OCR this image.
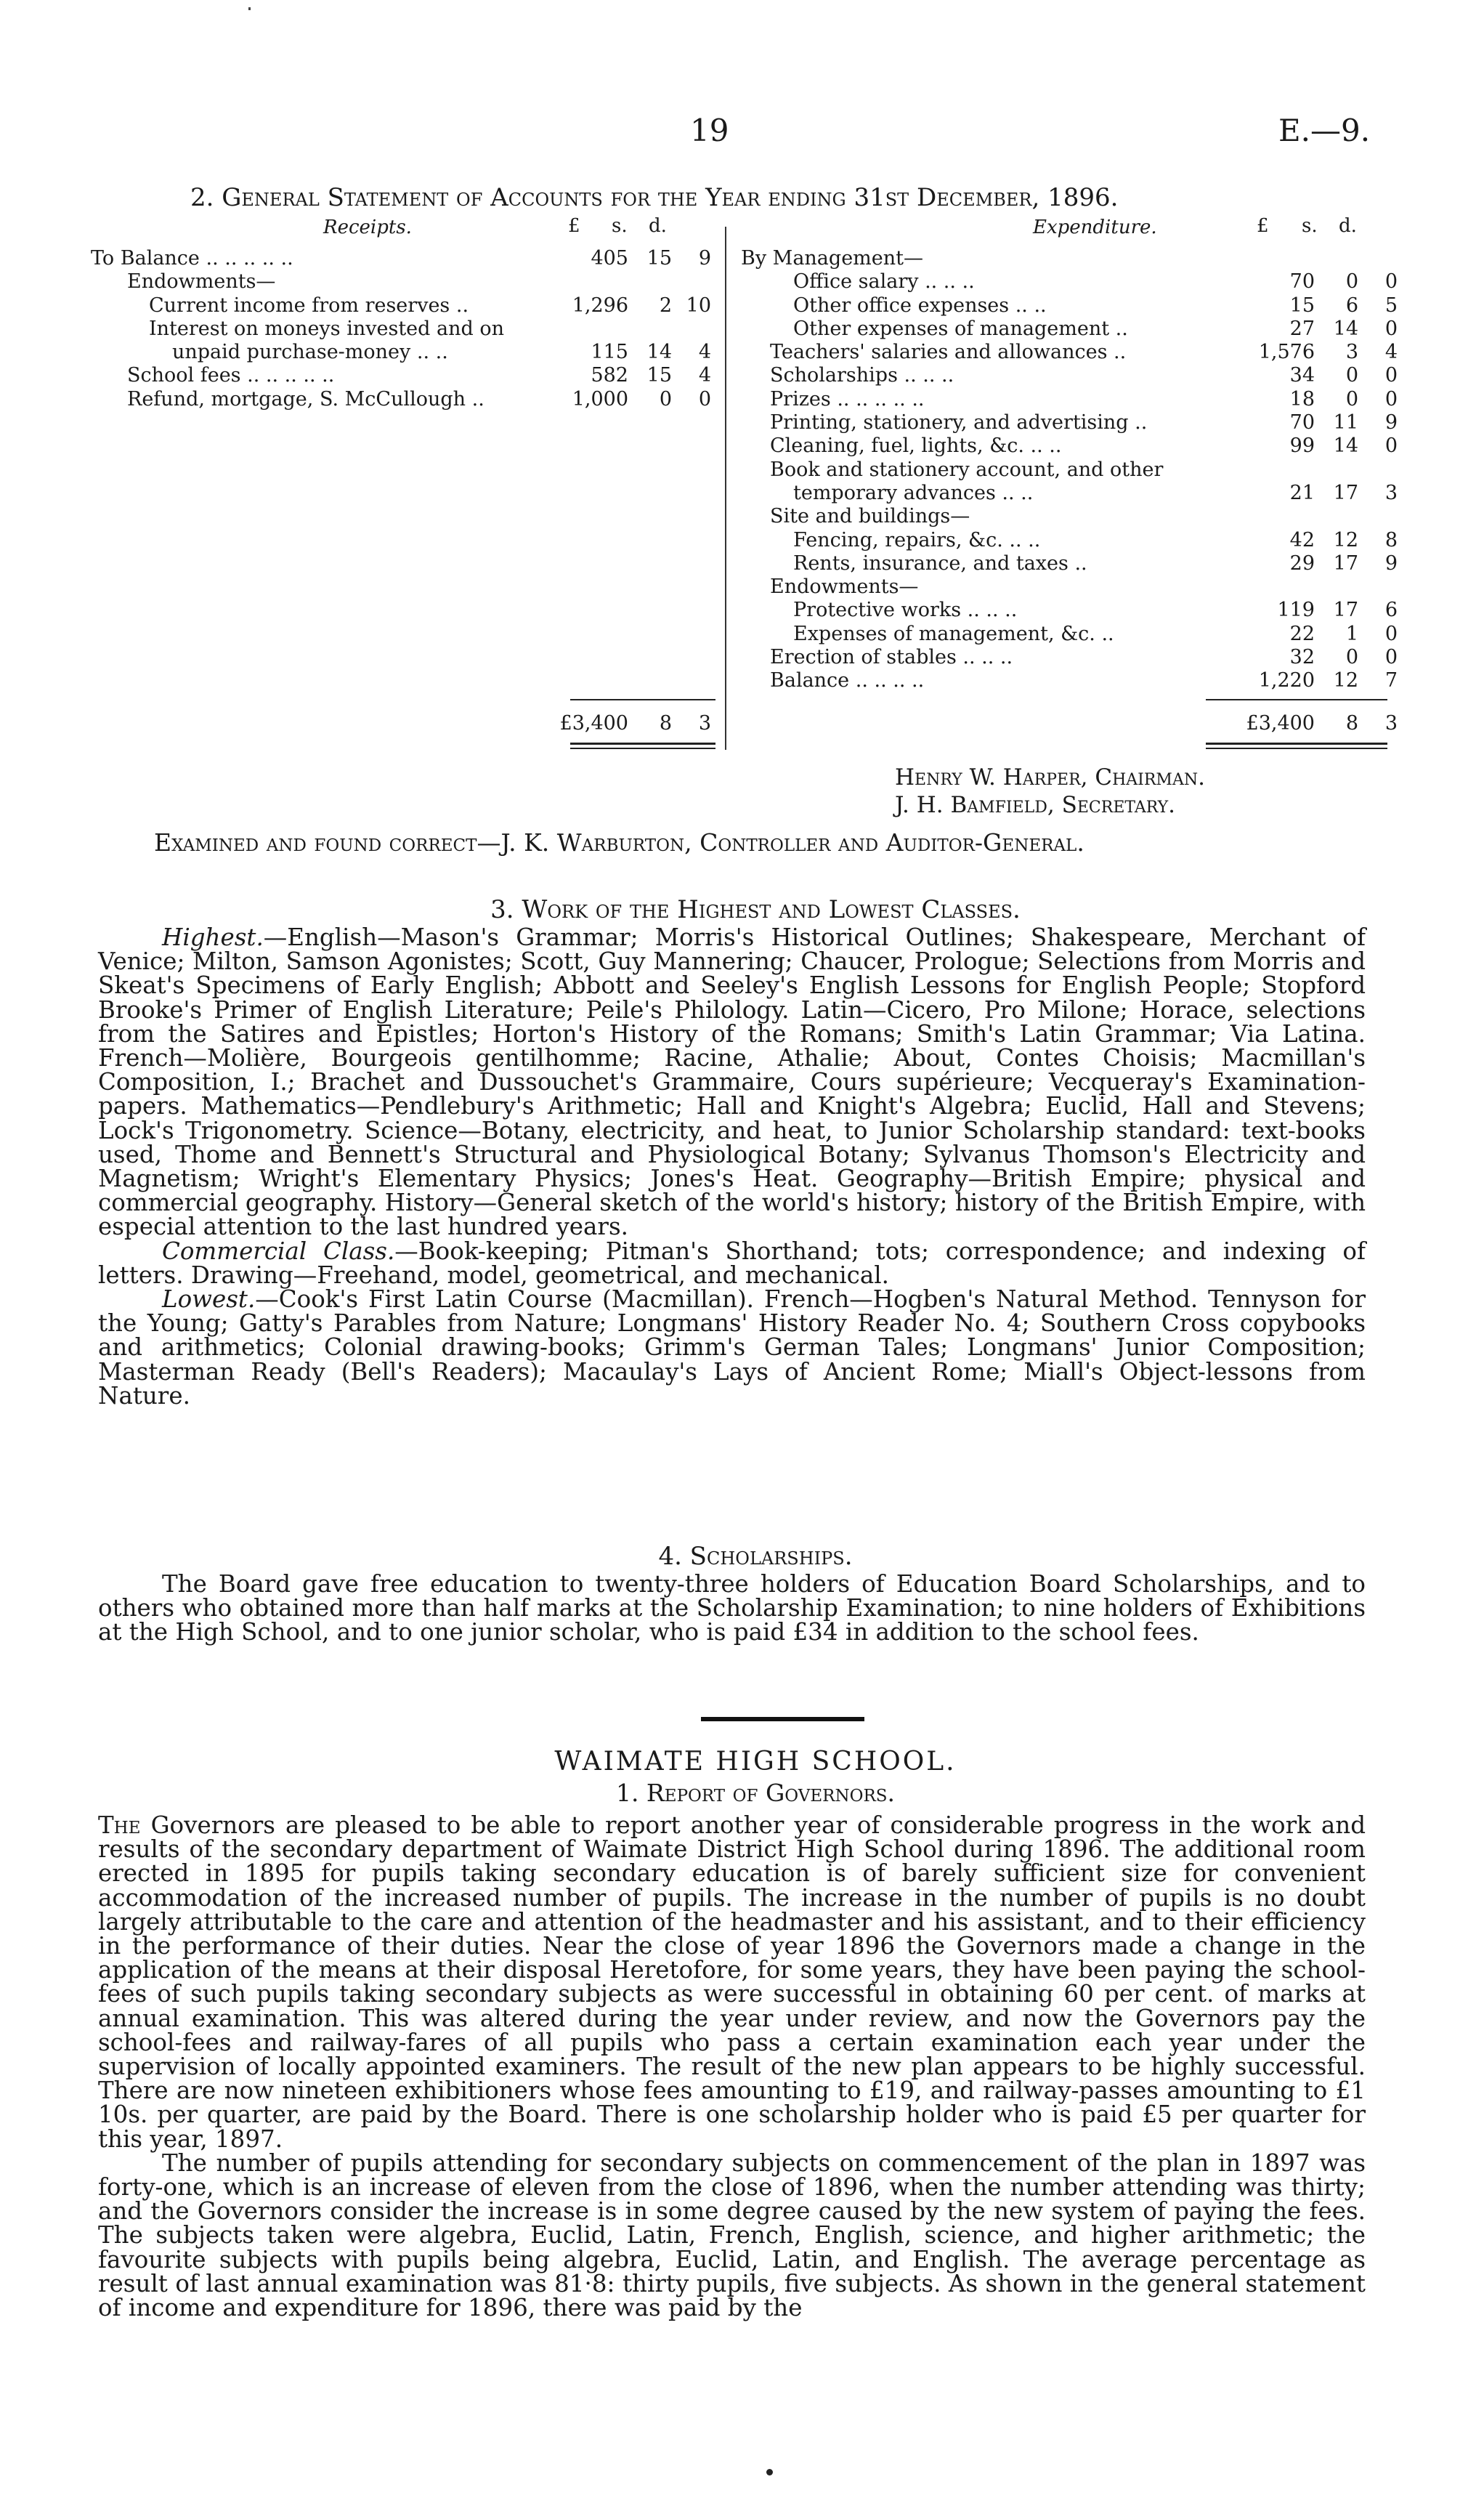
19	E.—9.
2. General Statement of Accounts for the Year ending 31st December, 1896.
Receipts.	£ s. d.	Expenditure.	£ s. d.
To Balance .. .. .. .. ..	405 15 9
Endowments—
Current income from reserves ..	1,296 2 10
Interest on moneys invested and on
unpaid purchase-money .. ..	115 14 4
School fees .. .. .. .. ..	582 15 4
Refund, mortgage, S. McCullough ..	1,000 0 0
By Management—
Office salary .. .. ..	70 0 0
Other office expenses .. ..	15 6 5
Other expenses of management ..	27 14 0
Teachers' salaries and allowances ..	1,576 3 4
Scholarships .. .. ..	34 0 0
Prizes .. .. .. .. ..	18 0 0
Printing, stationery, and advertising ..	70 11 9
Cleaning, fuel, lights, &c. .. ..	99 14 0
Book and stationery account, and other
temporary advances .. ..	21 17 3
Site and buildings—
Fencing, repairs, &c. .. ..	42 12 8
Rents, insurance, and taxes ..	29 17 9
Endowments—
Protective works .. .. ..	119 17 6
Expenses of management, &c. ..	22 1 0
Erection of stables .. .. ..	32 0 0
Balance .. .. .. ..	1,220 12 7
£3,400 8 3	£3,400 8 3
Henry W. Harper, Chairman.
J. H. Bamfield, Secretary.
Examined and found correct—J. K. Warburton, Controller and Auditor-General.
3. Work of the Highest and Lowest Classes.

Highest.—English—Mason's Grammar; Morris's Historical Outlines; Shakespeare, Merchant of Venice; Milton, Samson Agonistes; Scott, Guy Mannering; Chaucer, Prologue; Selections from Morris and Skeat's Specimens of Early English; Abbott and Seeley's English Lessons for English People; Stopford Brooke's Primer of English Literature; Peile's Philology. Latin—Cicero, Pro Milone; Horace, selections from the Satires and Epistles; Horton's History of the Romans; Smith's Latin Grammar; Via Latina. French—Molière, Bourgeois gentilhomme; Racine, Athalie; About, Contes Choisis; Macmillan's Composition, I.; Brachet and Dussouchet's Grammaire, Cours supérieure; Vecqueray's Examination-papers. Mathematics—Pendlebury's Arithmetic; Hall and Knight's Algebra; Euclid, Hall and Stevens; Lock's Trigonometry. Science—Botany, electricity, and heat, to Junior Scholarship standard: text-books used, Thome and Bennett's Structural and Physiological Botany; Sylvanus Thomson's Electricity and Magnetism; Wright's Elementary Physics; Jones's Heat. Geography—British Empire; physical and commercial geography. History—General sketch of the world's history; history of the British Empire, with especial attention to the last hundred years.

Commercial Class.—Book-keeping; Pitman's Shorthand; tots; correspondence; and indexing of letters. Drawing—Freehand, model, geometrical, and mechanical.

Lowest.—Cook's First Latin Course (Macmillan). French—Hogben's Natural Method. Tennyson for the Young; Gatty's Parables from Nature; Longmans' History Reader No. 4; Southern Cross copybooks and arithmetics; Colonial drawing-books; Grimm's German Tales; Longmans' Junior Composition; Masterman Ready (Bell's Readers); Macaulay's Lays of Ancient Rome; Miall's Object-lessons from Nature.

4. Scholarships.

The Board gave free education to twenty-three holders of Education Board Scholarships, and to others who obtained more than half marks at the Scholarship Examination; to nine holders of Exhibitions at the High School, and to one junior scholar, who is paid £34 in addition to the school fees.

WAIMATE HIGH SCHOOL.
1. Report of Governors.

The Governors are pleased to be able to report another year of considerable progress in the work and results of the secondary department of Waimate District High School during 1896. The additional room erected in 1895 for pupils taking secondary education is of barely sufficient size for convenient accommodation of the increased number of pupils. The increase in the number of pupils is no doubt largely attributable to the care and attention of the headmaster and his assistant, and to their efficiency in the performance of their duties. Near the close of year 1896 the Governors made a change in the application of the means at their disposal Heretofore, for some years, they have been paying the school-fees of such pupils taking secondary subjects as were successful in obtaining 60 per cent. of marks at annual examination. This was altered during the year under review, and now the Governors pay the school-fees and railway-fares of all pupils who pass a certain examination each year under the supervision of locally appointed examiners. The result of the new plan appears to be highly successful. There are now nineteen exhibitioners whose fees amounting to £19, and railway-passes amounting to £1 10s. per quarter, are paid by the Board. There is one scholarship holder who is paid £5 per quarter for this year, 1897.

The number of pupils attending for secondary subjects on commencement of the plan in 1897 was forty-one, which is an increase of eleven from the close of 1896, when the number attending was thirty; and the Governors consider the increase is in some degree caused by the new system of paying the fees. The subjects taken were algebra, Euclid, Latin, French, English, science, and higher arithmetic; the favourite subjects with pupils being algebra, Euclid, Latin, and English. The average percentage as result of last annual examination was 81·8: thirty pupils, five subjects. As shown in the general statement of income and expenditure for 1896, there was paid by the
